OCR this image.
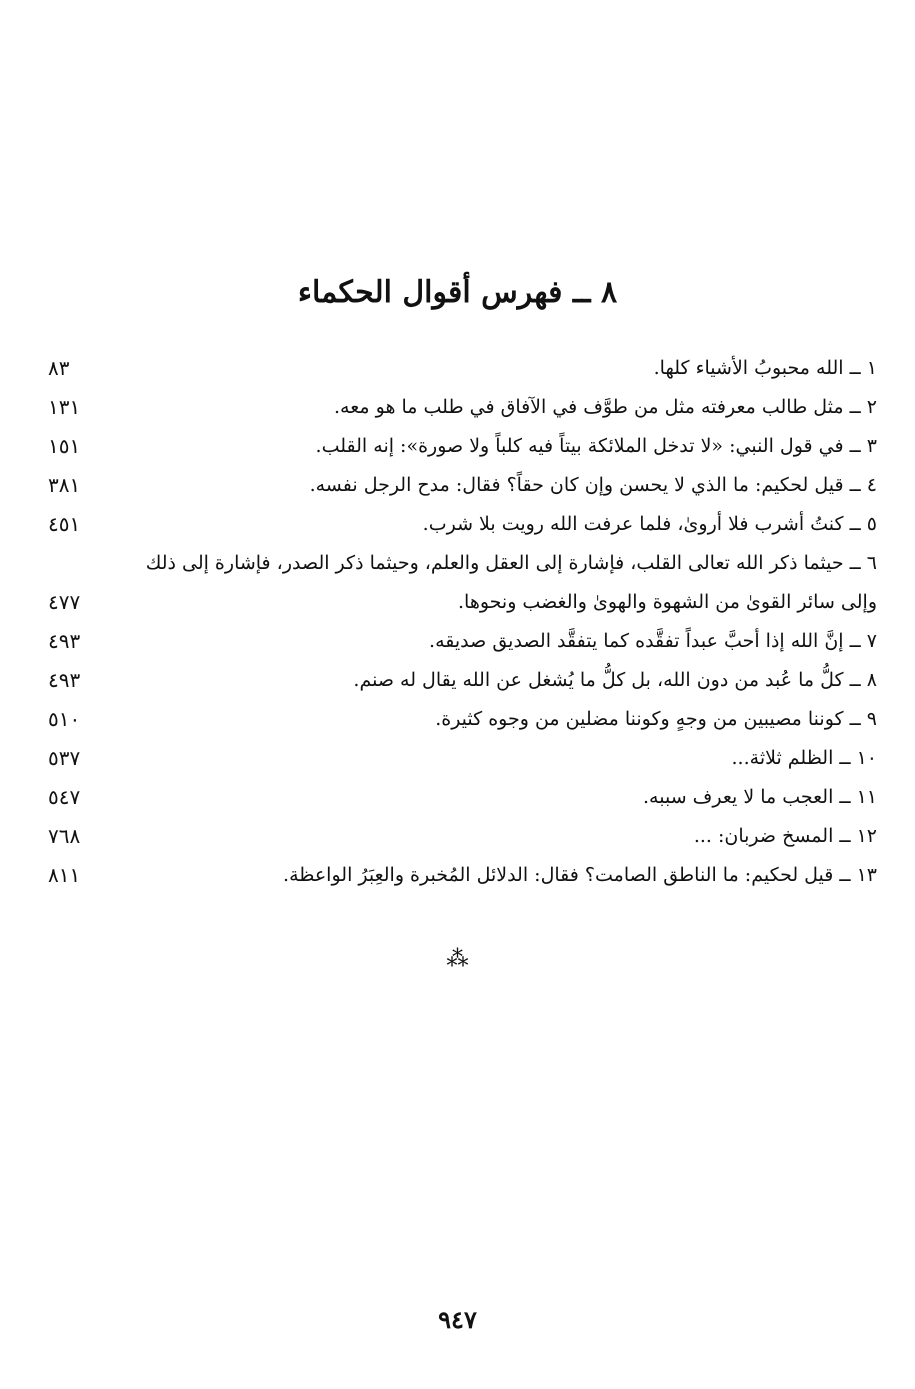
٨ ــ فهرس أقوال الحكماء
١ ــ الله محبوبُ الأشياء كلها.
٨٣
٢ ــ مثل طالب معرفته مثل من طوَّف في الآفاق في طلب ما هو معه.
١٣١
٣ ــ في قول النبي: «لا تدخل الملائكة بيتاً فيه كلباً ولا صورة»: إنه القلب.
١٥١
٤ ــ قيل لحكيم: ما الذي لا يحسن وإن كان حقاً؟ فقال: مدح الرجل نفسه.
٣٨١
٥ ــ كنتُ أشرب فلا أروىٰ، فلما عرفت الله رويت بلا شرب.
٤٥١
٦ ــ حيثما ذكر الله تعالى القلب، فإشارة إلى العقل والعلم، وحيثما ذكر الصدر، فإشارة إلى ذلك وإلى سائر القوىٰ من الشهوة والهوىٰ والغضب ونحوها.
٤٧٧
٧ ــ إنَّ الله إذا أحبَّ عبداً تفقَّده كما يتفقَّد الصديق صديقه.
٤٩٣
٨ ــ كلُّ ما عُبد من دون الله، بل كلُّ ما يُشغل عن الله يقال له صنم.
٤٩٣
٩ ــ كوننا مصيبين من وجهٍ وكوننا مضلين من وجوه كثيرة.
٥١٠
١٠ ــ الظلم ثلاثة...
٥٣٧
١١ ــ العجب ما لا يعرف سببه.
٥٤٧
١٢ ــ المسخ ضربان: ...
٧٦٨
١٣ ــ قيل لحكيم: ما الناطق الصامت؟ فقال: الدلائل المُخبرة والعِبَرُ الواعظة.
٨١١
⁂
٩٤٧
